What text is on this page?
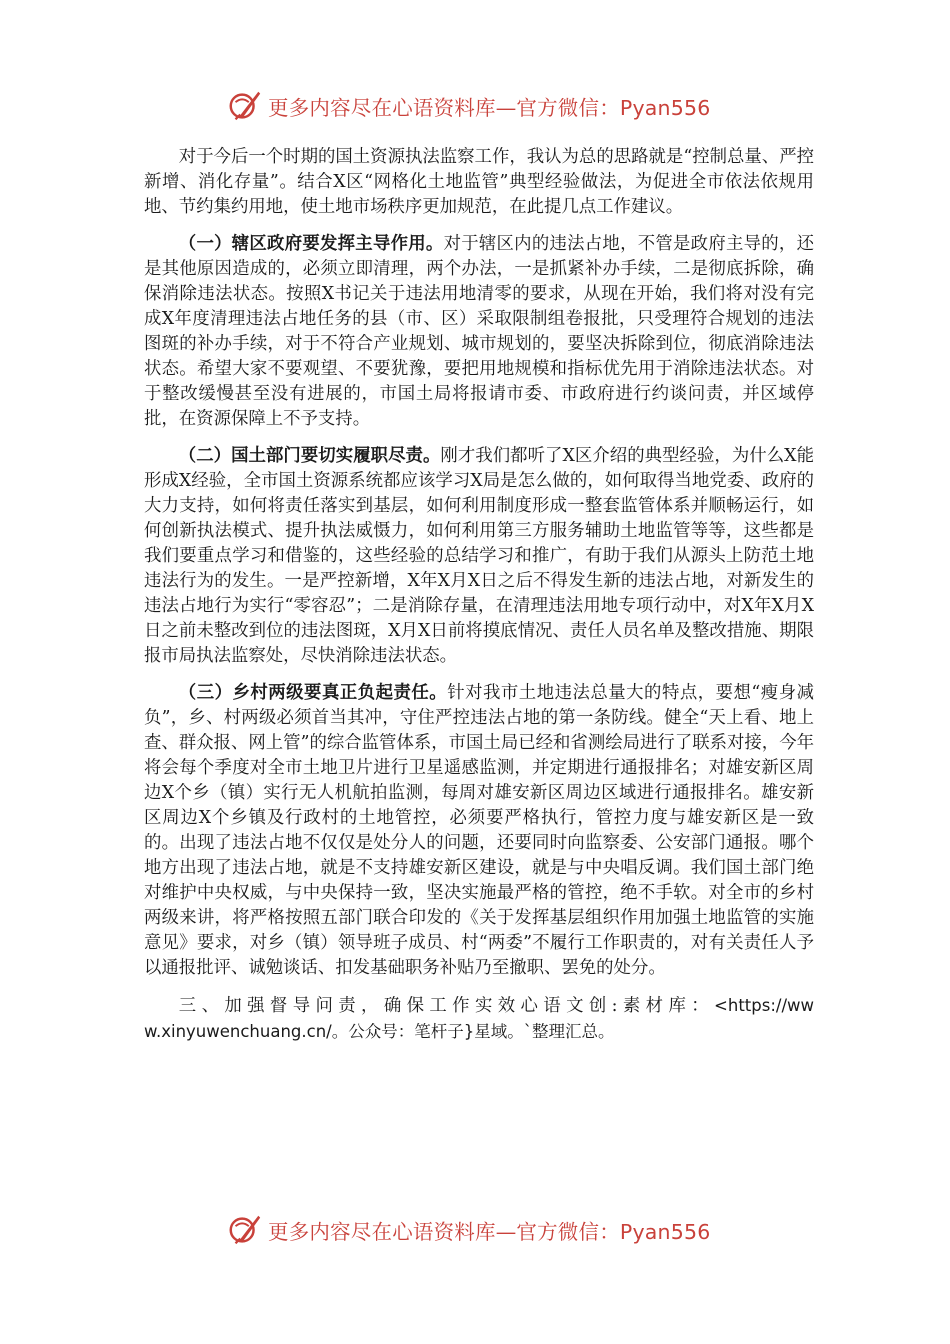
更多内容尽在心语资料库—官方微信：Pyan556

对于今后一个时期的国土资源执法监察工作，我认为总的思路就是“控制总量、严控新增、消化存量”。结合X区“网格化土地监管”典型经验做法，为促进全市依法依规用地、节约集约用地，使土地市场秩序更加规范，在此提几点工作建议。

（一）辖区政府要发挥主导作用。对于辖区内的违法占地，不管是政府主导的，还是其他原因造成的，必须立即清理，两个办法，一是抓紧补办手续，二是彻底拆除，确保消除违法状态。按照X书记关于违法用地清零的要求，从现在开始，我们将对没有完成X年度清理违法占地任务的县（市、区）采取限制组卷报批，只受理符合规划的违法图斑的补办手续，对于不符合产业规划、城市规划的，要坚决拆除到位，彻底消除违法状态。希望大家不要观望、不要犹豫，要把用地规模和指标优先用于消除违法状态。对于整改缓慢甚至没有进展的，市国土局将报请市委、市政府进行约谈问责，并区域停批，在资源保障上不予支持。

（二）国土部门要切实履职尽责。刚才我们都听了X区介绍的典型经验，为什么X能形成X经验，全市国土资源系统都应该学习X局是怎么做的，如何取得当地党委、政府的大力支持，如何将责任落实到基层，如何利用制度形成一整套监管体系并顺畅运行，如何创新执法模式、提升执法威慑力，如何利用第三方服务辅助土地监管等等，这些都是我们要重点学习和借鉴的，这些经验的总结学习和推广，有助于我们从源头上防范土地违法行为的发生。一是严控新增，X年X月X日之后不得发生新的违法占地，对新发生的违法占地行为实行“零容忍”；二是消除存量，在清理违法用地专项行动中，对X年X月X日之前未整改到位的违法图斑，X月X日前将摸底情况、责任人员名单及整改措施、期限报市局执法监察处，尽快消除违法状态。

（三）乡村两级要真正负起责任。针对我市土地违法总量大的特点，要想“瘦身减负”，乡、村两级必须首当其冲，守住严控违法占地的第一条防线。健全“天上看、地上查、群众报、网上管”的综合监管体系，市国土局已经和省测绘局进行了联系对接，今年将会每个季度对全市土地卫片进行卫星遥感监测，并定期进行通报排名；对雄安新区周边X个乡（镇）实行无人机航拍监测，每周对雄安新区周边区域进行通报排名。雄安新区周边X个乡镇及行政村的土地管控，必须要严格执行，管控力度与雄安新区是一致的。出现了违法占地不仅仅是处分人的问题，还要同时向监察委、公安部门通报。哪个地方出现了违法占地，就是不支持雄安新区建设，就是与中央唱反调。我们国土部门绝对维护中央权威，与中央保持一致，坚决实施最严格的管控，绝不手软。对全市的乡村两级来讲，将严格按照五部门联合印发的《关于发挥基层组织作用加强土地监管的实施意见》要求，对乡（镇）领导班子成员、村“两委”不履行工作职责的，对有关责任人予以通报批评、诚勉谈话、扣发基础职务补贴乃至撤职、罢免的处分。

三、加强督导问责，确保工作实效心语文创:素材库：<https://www.xinyuwenchuang.cn/。公众号：笔杆子}星域。`整理汇总。

更多内容尽在心语资料库—官方微信：Pyan556
